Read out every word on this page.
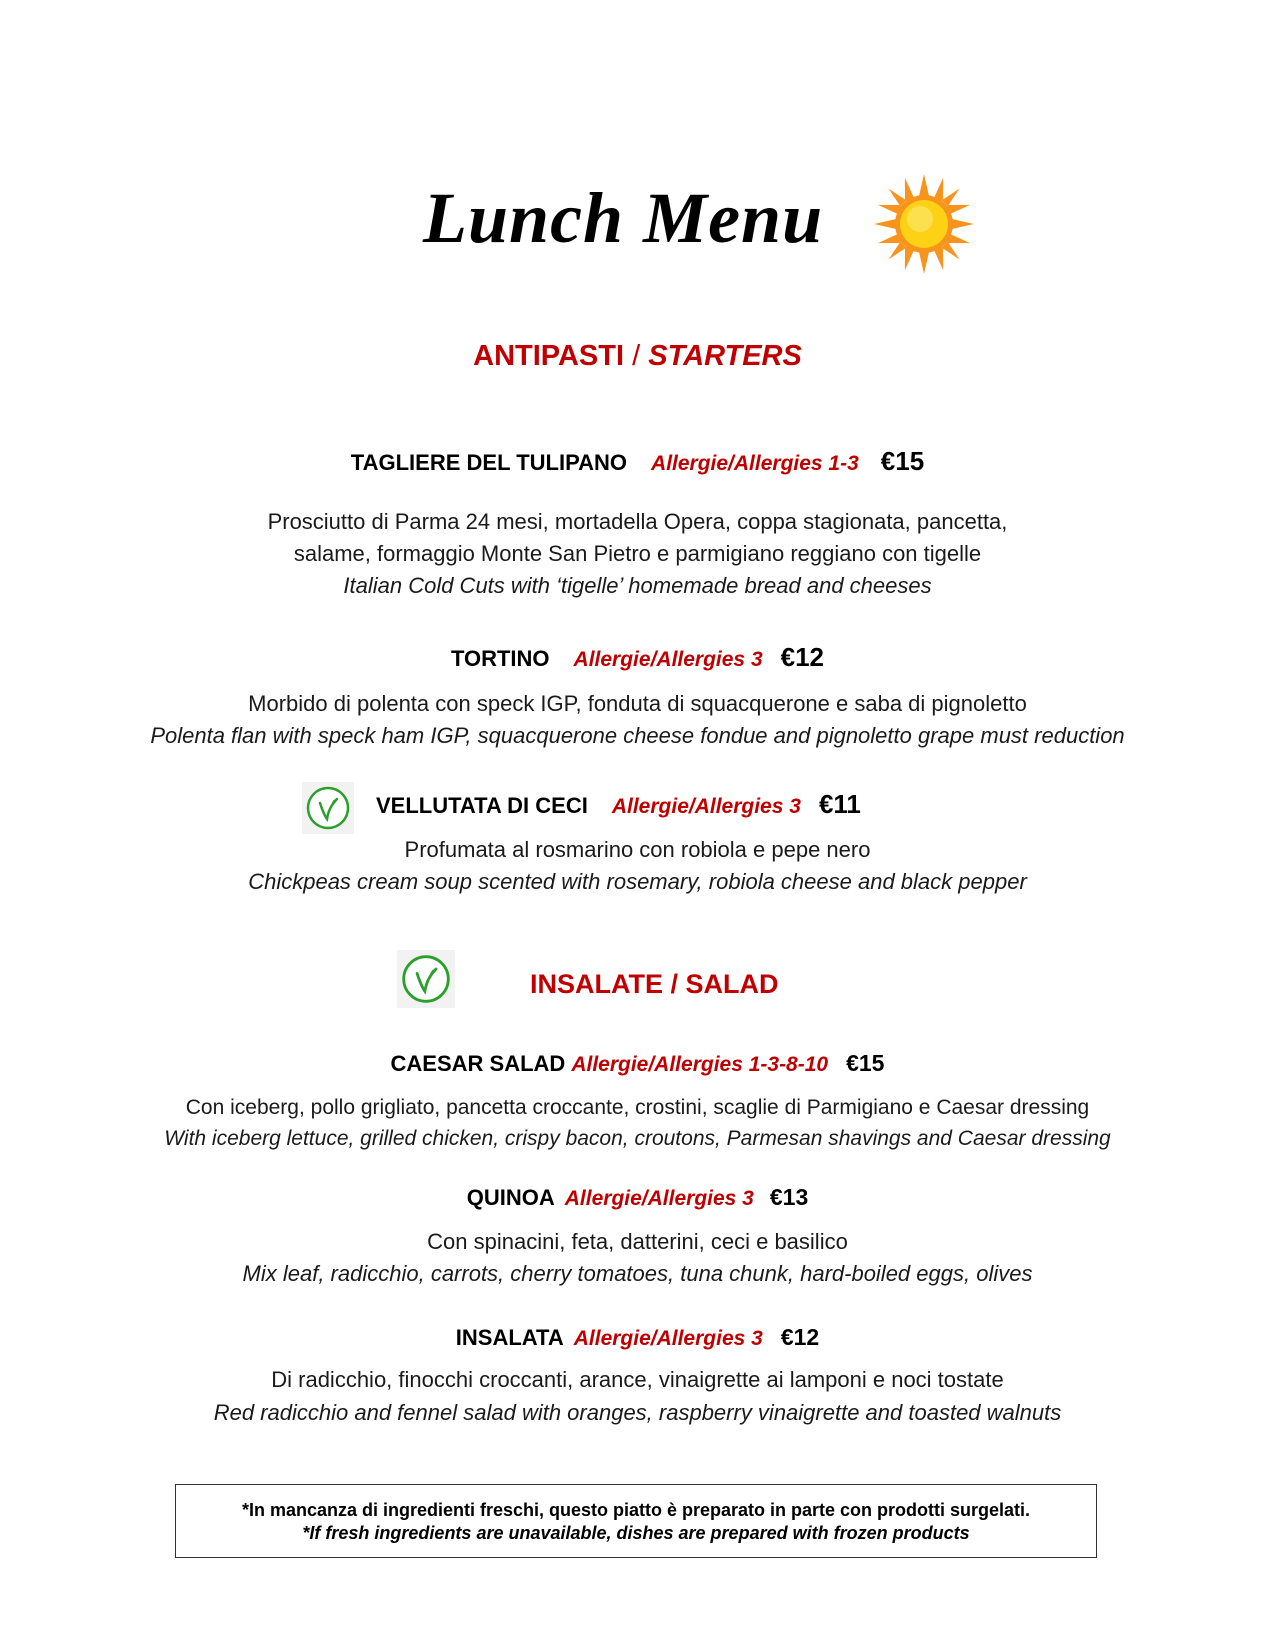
Lunch Menu
ANTIPASTI / STARTERS
TAGLIERE DEL TULIPANO Allergie/Allergies 1-3 €15
Prosciutto di Parma 24 mesi, mortadella Opera, coppa stagionata, pancetta,
salame, formaggio Monte San Pietro e parmigiano reggiano con tigelle
Italian Cold Cuts with ‘tigelle’ homemade bread and cheeses
TORTINO Allergie/Allergies 3 €12
Morbido di polenta con speck IGP, fonduta di squacquerone e saba di pignoletto
Polenta flan with speck ham IGP, squacquerone cheese fondue and pignoletto grape must reduction
VELLUTATA DI CECI Allergie/Allergies 3 €11
Profumata al rosmarino con robiola e pepe nero
Chickpeas cream soup scented with rosemary, robiola cheese and black pepper
INSALATE / SALAD
CAESAR SALAD Allergie/Allergies 1-3-8-10 €15
Con iceberg, pollo grigliato, pancetta croccante, crostini, scaglie di Parmigiano e Caesar dressing
With iceberg lettuce, grilled chicken, crispy bacon, croutons, Parmesan shavings and Caesar dressing
QUINOA Allergie/Allergies 3 €13
Con spinacini, feta, datterini, ceci e basilico
Mix leaf, radicchio, carrots, cherry tomatoes, tuna chunk, hard-boiled eggs, olives
INSALATA Allergie/Allergies 3 €12
Di radicchio, finocchi croccanti, arance, vinaigrette ai lamponi e noci tostate
Red radicchio and fennel salad with oranges, raspberry vinaigrette and toasted walnuts
*In mancanza di ingredienti freschi, questo piatto è preparato in parte con prodotti surgelati.
*If fresh ingredients are unavailable, dishes are prepared with frozen products
